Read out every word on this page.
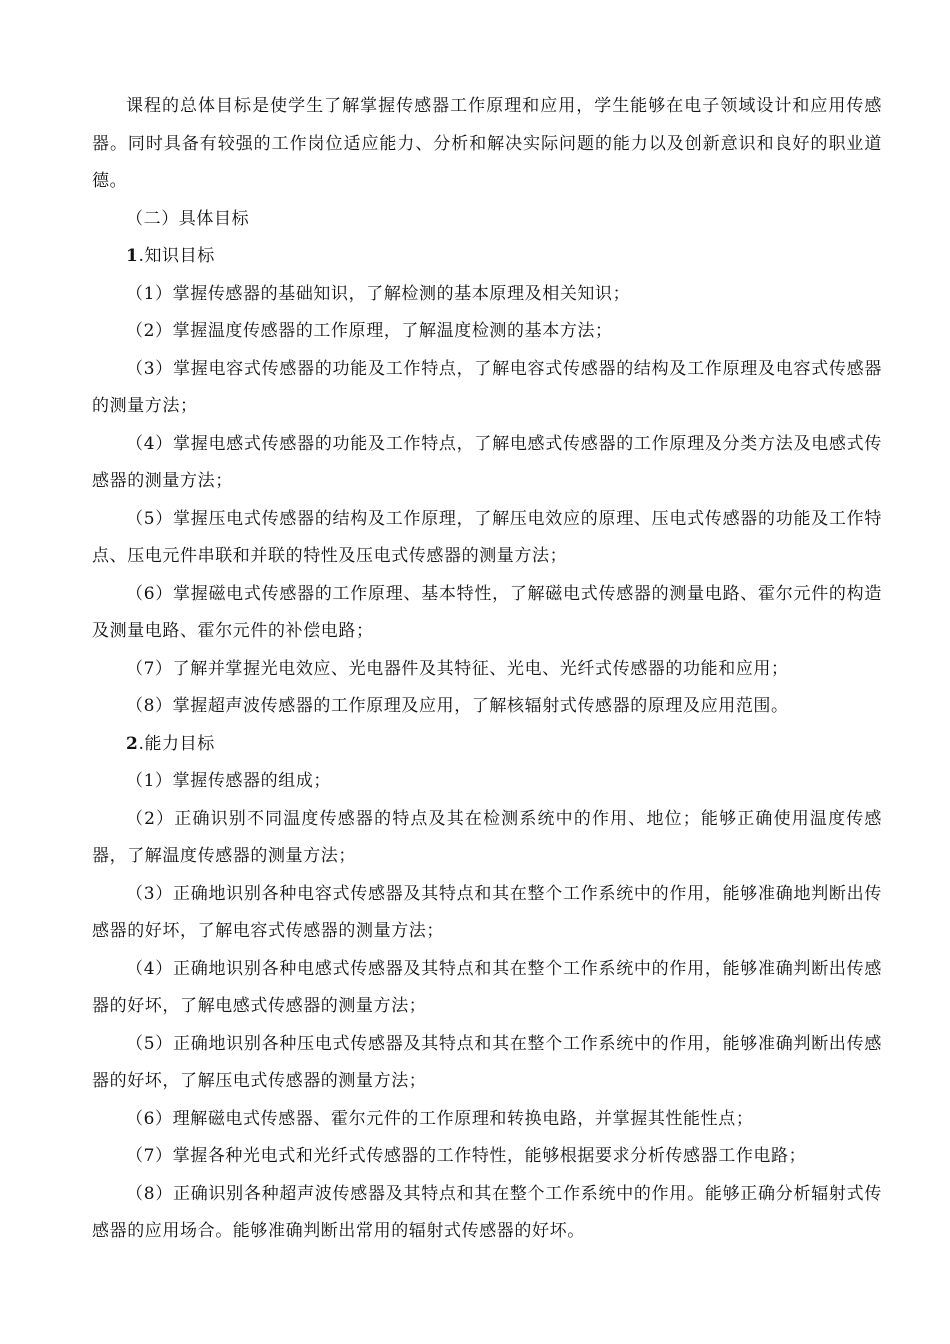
课程的总体目标是使学生了解掌握传感器工作原理和应用，学生能够在电子领域设计和应用传感器。同时具备有较强的工作岗位适应能力、分析和解决实际问题的能力以及创新意识和良好的职业道德。

（二）具体目标

1.知识目标

（1）掌握传感器的基础知识，了解检测的基本原理及相关知识；

（2）掌握温度传感器的工作原理，了解温度检测的基本方法；

（3）掌握电容式传感器的功能及工作特点，了解电容式传感器的结构及工作原理及电容式传感器的测量方法；

（4）掌握电感式传感器的功能及工作特点，了解电感式传感器的工作原理及分类方法及电感式传感器的测量方法；

（5）掌握压电式传感器的结构及工作原理，了解压电效应的原理、压电式传感器的功能及工作特点、压电元件串联和并联的特性及压电式传感器的测量方法；

（6）掌握磁电式传感器的工作原理、基本特性，了解磁电式传感器的测量电路、霍尔元件的构造及测量电路、霍尔元件的补偿电路；

（7）了解并掌握光电效应、光电器件及其特征、光电、光纤式传感器的功能和应用；

（8）掌握超声波传感器的工作原理及应用，了解核辐射式传感器的原理及应用范围。

2.能力目标

（1）掌握传感器的组成；

（2）正确识别不同温度传感器的特点及其在检测系统中的作用、地位；能够正确使用温度传感器，了解温度传感器的测量方法；

（3）正确地识别各种电容式传感器及其特点和其在整个工作系统中的作用，能够准确地判断出传感器的好坏，了解电容式传感器的测量方法；

（4）正确地识别各种电感式传感器及其特点和其在整个工作系统中的作用，能够准确判断出传感器的好坏，了解电感式传感器的测量方法；

（5）正确地识别各种压电式传感器及其特点和其在整个工作系统中的作用，能够准确判断出传感器的好坏，了解压电式传感器的测量方法；

（6）理解磁电式传感器、霍尔元件的工作原理和转换电路，并掌握其性能性点；

（7）掌握各种光电式和光纤式传感器的工作特性，能够根据要求分析传感器工作电路；

（8）正确识别各种超声波传感器及其特点和其在整个工作系统中的作用。能够正确分析辐射式传感器的应用场合。能够准确判断出常用的辐射式传感器的好坏。
